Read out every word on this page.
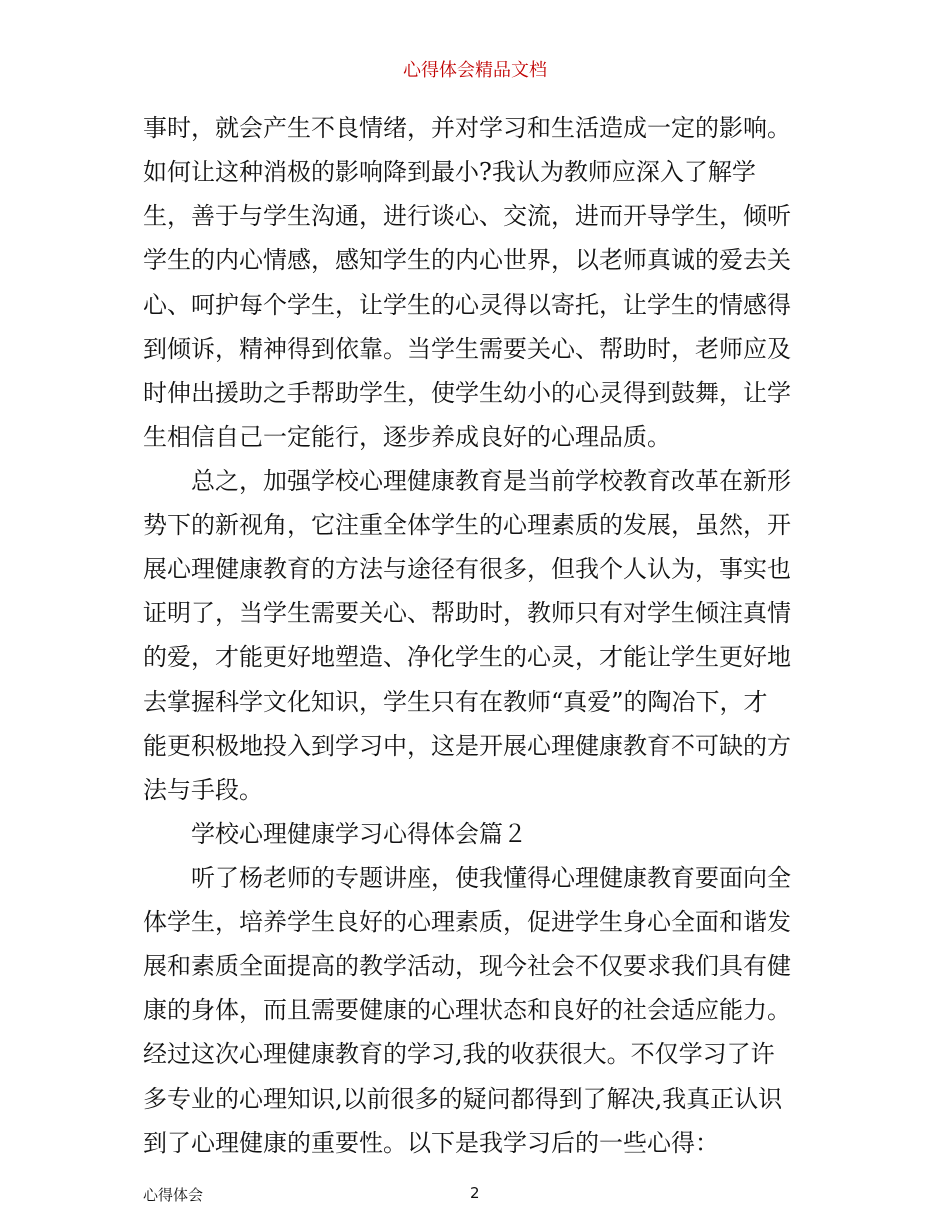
心得体会精品文档
事时，就会产生不良情绪，并对学习和生活造成一定的影响。
如何让这种消极的影响降到最小?我认为教师应深入了解学
生，善于与学生沟通，进行谈心、交流，进而开导学生，倾听
学生的内心情感，感知学生的内心世界，以老师真诚的爱去关
心、呵护每个学生，让学生的心灵得以寄托，让学生的情感得
到倾诉，精神得到依靠。当学生需要关心、帮助时，老师应及
时伸出援助之手帮助学生，使学生幼小的心灵得到鼓舞，让学
生相信自己一定能行，逐步养成良好的心理品质。
总之，加强学校心理健康教育是当前学校教育改革在新形
势下的新视角，它注重全体学生的心理素质的发展，虽然，开
展心理健康教育的方法与途径有很多，但我个人认为，事实也
证明了，当学生需要关心、帮助时，教师只有对学生倾注真情
的爱，才能更好地塑造、净化学生的心灵，才能让学生更好地
去掌握科学文化知识，学生只有在教师“真爱”的陶冶下，才
能更积极地投入到学习中，这是开展心理健康教育不可缺的方
法与手段。
学校心理健康学习心得体会篇２
听了杨老师的专题讲座，使我懂得心理健康教育要面向全
体学生，培养学生良好的心理素质，促进学生身心全面和谐发
展和素质全面提高的教学活动，现今社会不仅要求我们具有健
康的身体，而且需要健康的心理状态和良好的社会适应能力。
经过这次心理健康教育的学习,我的收获很大。不仅学习了许
多专业的心理知识,以前很多的疑问都得到了解决,我真正认识
到了心理健康的重要性。以下是我学习后的一些心得：
心得体会	2
